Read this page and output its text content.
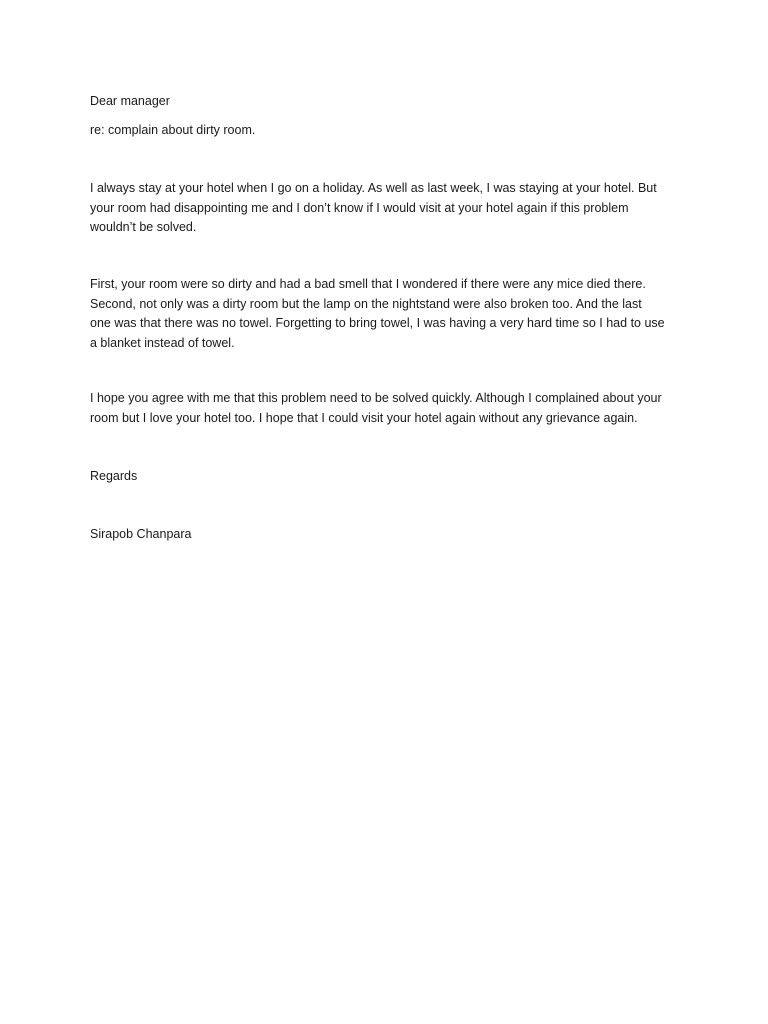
Dear manager

re: complain about dirty room.

I always stay at your hotel when I go on a holiday. As well as last week, I was staying at your hotel. But
your room had disappointing me and I don’t know if I would visit at your hotel again if this problem
wouldn’t be solved.
First, your room were so dirty and had a bad smell that I wondered if there were any mice died there.
Second, not only was a dirty room but the lamp on the nightstand were also broken too. And the last
one was that there was no towel. Forgetting to bring towel, I was having a very hard time so I had to use
a blanket instead of towel.
I hope you agree with me that this problem need to be solved quickly. Although I complained about your
room but I love your hotel too. I hope that I could visit your hotel again without any grievance again.

Regards

Sirapob Chanpara
